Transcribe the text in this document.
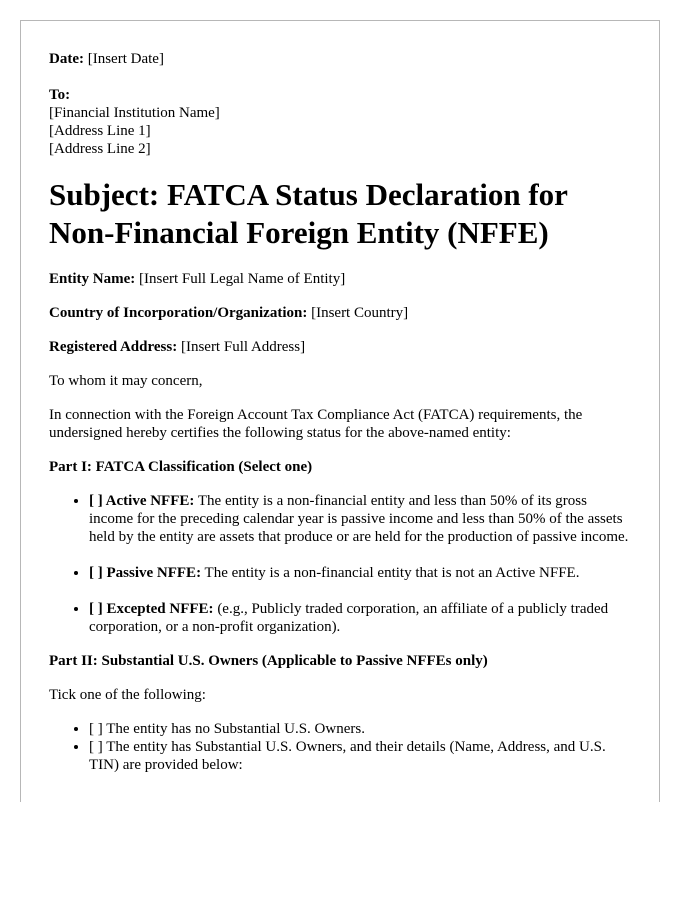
Date: [Insert Date]

To:

[Financial Institution Name]

[Address Line 1]

[Address Line 2]

Subject: FATCA Status Declaration for Non-Financial Foreign Entity (NFFE)

Entity Name: [Insert Full Legal Name of Entity]

Country of Incorporation/Organization: [Insert Country]

Registered Address: [Insert Full Address]

To whom it may concern,

In connection with the Foreign Account Tax Compliance Act (FATCA) requirements, the undersigned hereby certifies the following status for the above-named entity:

Part I: FATCA Classification (Select one)

• [ ] Active NFFE: The entity is a non-financial entity and less than 50% of its gross income for the preceding calendar year is passive income and less than 50% of the assets held by the entity are assets that produce or are held for the production of passive income.
• [ ] Passive NFFE: The entity is a non-financial entity that is not an Active NFFE.
• [ ] Excepted NFFE: (e.g., Publicly traded corporation, an affiliate of a publicly traded corporation, or a non-profit organization).

Part II: Substantial U.S. Owners (Applicable to Passive NFFEs only)

Tick one of the following:

• [ ] The entity has no Substantial U.S. Owners.
• [ ] The entity has Substantial U.S. Owners, and their details (Name, Address, and U.S. TIN) are provided below:
